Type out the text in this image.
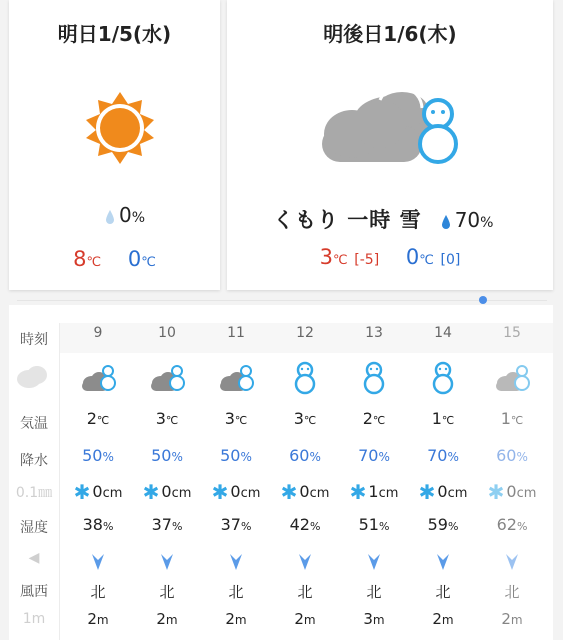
明日1/5(水)
0%
8℃ 0℃
明後日1/6(木)
くもり 一時 雪 70%
3℃ [-5] 0℃ [0]
時刻
気温
降水
0.1㎜
湿度
◀
風西
1m
9
2℃
50%
✱ 0cm
38%
北
2m
10
3℃
50%
✱ 0cm
37%
北
2m
11
3℃
50%
✱ 0cm
37%
北
2m
12
3℃
60%
✱ 0cm
42%
北
2m
13
2℃
70%
✱ 1cm
51%
北
3m
14
1℃
70%
✱ 0cm
59%
北
2m
15
1℃
60%
✱ 0cm
62%
北
2m
